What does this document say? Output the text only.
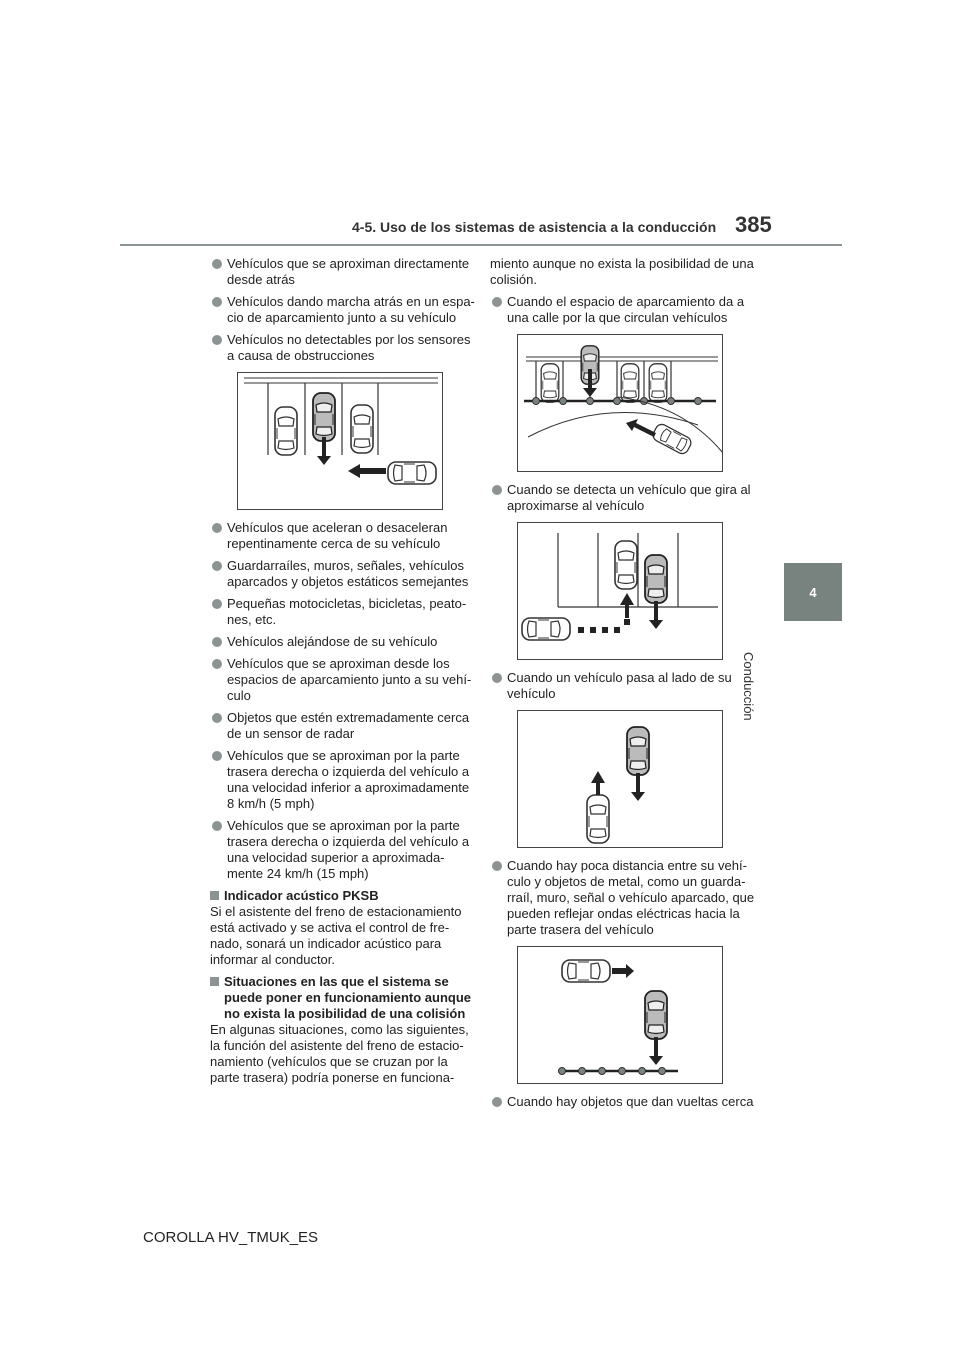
4-5. Uso de los sistemas de asistencia a la conducción 385
4
Conducción
Vehículos que se aproximan directamente desde atrás
Vehículos dando marcha atrás en un espa- cio de aparcamiento junto a su vehículo
Vehículos no detectables por los sensores a causa de obstrucciones
Vehículos que aceleran o desaceleran repentinamente cerca de su vehículo
Guardarraíles, muros, señales, vehículos aparcados y objetos estáticos semejantes
Pequeñas motocicletas, bicicletas, peato- nes, etc.
Vehículos alejándose de su vehículo
Vehículos que se aproximan desde los espacios de aparcamiento junto a su vehí- culo
Objetos que estén extremadamente cerca de un sensor de radar
Vehículos que se aproximan por la parte trasera derecha o izquierda del vehículo a una velocidad inferior a aproximadamente 8 km/h (5 mph)
Vehículos que se aproximan por la parte trasera derecha o izquierda del vehículo a una velocidad superior a aproximada- mente 24 km/h (15 mph)
Indicador acústico PKSB
Si el asistente del freno de estacionamiento está activado y se activa el control de fre- nado, sonará un indicador acústico para informar al conductor.
Situaciones en las que el sistema se puede poner en funcionamiento aunque no exista la posibilidad de una colisión
En algunas situaciones, como las siguientes, la función del asistente del freno de estacio- namiento (vehículos que se cruzan por la parte trasera) podría ponerse en funciona-
miento aunque no exista la posibilidad de una colisión.
Cuando el espacio de aparcamiento da a una calle por la que circulan vehículos
Cuando se detecta un vehículo que gira al aproximarse al vehículo
Cuando un vehículo pasa al lado de su vehículo
Cuando hay poca distancia entre su vehí- culo y objetos de metal, como un guarda- rraíl, muro, señal o vehículo aparcado, que pueden reflejar ondas eléctricas hacia la parte trasera del vehículo
Cuando hay objetos que dan vueltas cerca
COROLLA HV_TMUK_ES
